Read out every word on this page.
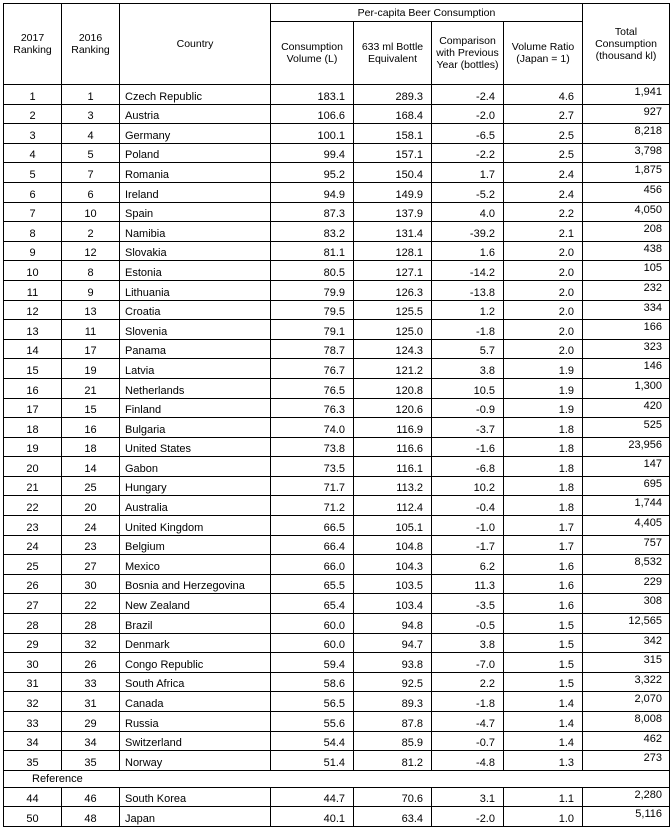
2017 Ranking	2016 Ranking	Country	Per-capita Beer Consumption				Total Consumption (thousand kl)
			Consumption Volume (L)	633 ml Bottle Equivalent	Comparison with Previous Year (bottles)	Volume Ratio (Japan = 1)	
1	1	Czech Republic	183.1	289.3	-2.4	4.6	1,941
2	3	Austria	106.6	168.4	-2.0	2.7	927
3	4	Germany	100.1	158.1	-6.5	2.5	8,218
4	5	Poland	99.4	157.1	-2.2	2.5	3,798
5	7	Romania	95.2	150.4	1.7	2.4	1,875
6	6	Ireland	94.9	149.9	-5.2	2.4	456
7	10	Spain	87.3	137.9	4.0	2.2	4,050
8	2	Namibia	83.2	131.4	-39.2	2.1	208
9	12	Slovakia	81.1	128.1	1.6	2.0	438
10	8	Estonia	80.5	127.1	-14.2	2.0	105
11	9	Lithuania	79.9	126.3	-13.8	2.0	232
12	13	Croatia	79.5	125.5	1.2	2.0	334
13	11	Slovenia	79.1	125.0	-1.8	2.0	166
14	17	Panama	78.7	124.3	5.7	2.0	323
15	19	Latvia	76.7	121.2	3.8	1.9	146
16	21	Netherlands	76.5	120.8	10.5	1.9	1,300
17	15	Finland	76.3	120.6	-0.9	1.9	420
18	16	Bulgaria	74.0	116.9	-3.7	1.8	525
19	18	United States	73.8	116.6	-1.6	1.8	23,956
20	14	Gabon	73.5	116.1	-6.8	1.8	147
21	25	Hungary	71.7	113.2	10.2	1.8	695
22	20	Australia	71.2	112.4	-0.4	1.8	1,744
23	24	United Kingdom	66.5	105.1	-1.0	1.7	4,405
24	23	Belgium	66.4	104.8	-1.7	1.7	757
25	27	Mexico	66.0	104.3	6.2	1.6	8,532
26	30	Bosnia and Herzegovina	65.5	103.5	11.3	1.6	229
27	22	New Zealand	65.4	103.4	-3.5	1.6	308
28	28	Brazil	60.0	94.8	-0.5	1.5	12,565
29	32	Denmark	60.0	94.7	3.8	1.5	342
30	26	Congo Republic	59.4	93.8	-7.0	1.5	315
31	33	South Africa	58.6	92.5	2.2	1.5	3,322
32	31	Canada	56.5	89.3	-1.8	1.4	2,070
33	29	Russia	55.6	87.8	-4.7	1.4	8,008
34	34	Switzerland	54.4	85.9	-0.7	1.4	462
35	35	Norway	51.4	81.2	-4.8	1.3	273
Reference							
44	46	South Korea	44.7	70.6	3.1	1.1	2,280
50	48	Japan	40.1	63.4	-2.0	1.0	5,116
